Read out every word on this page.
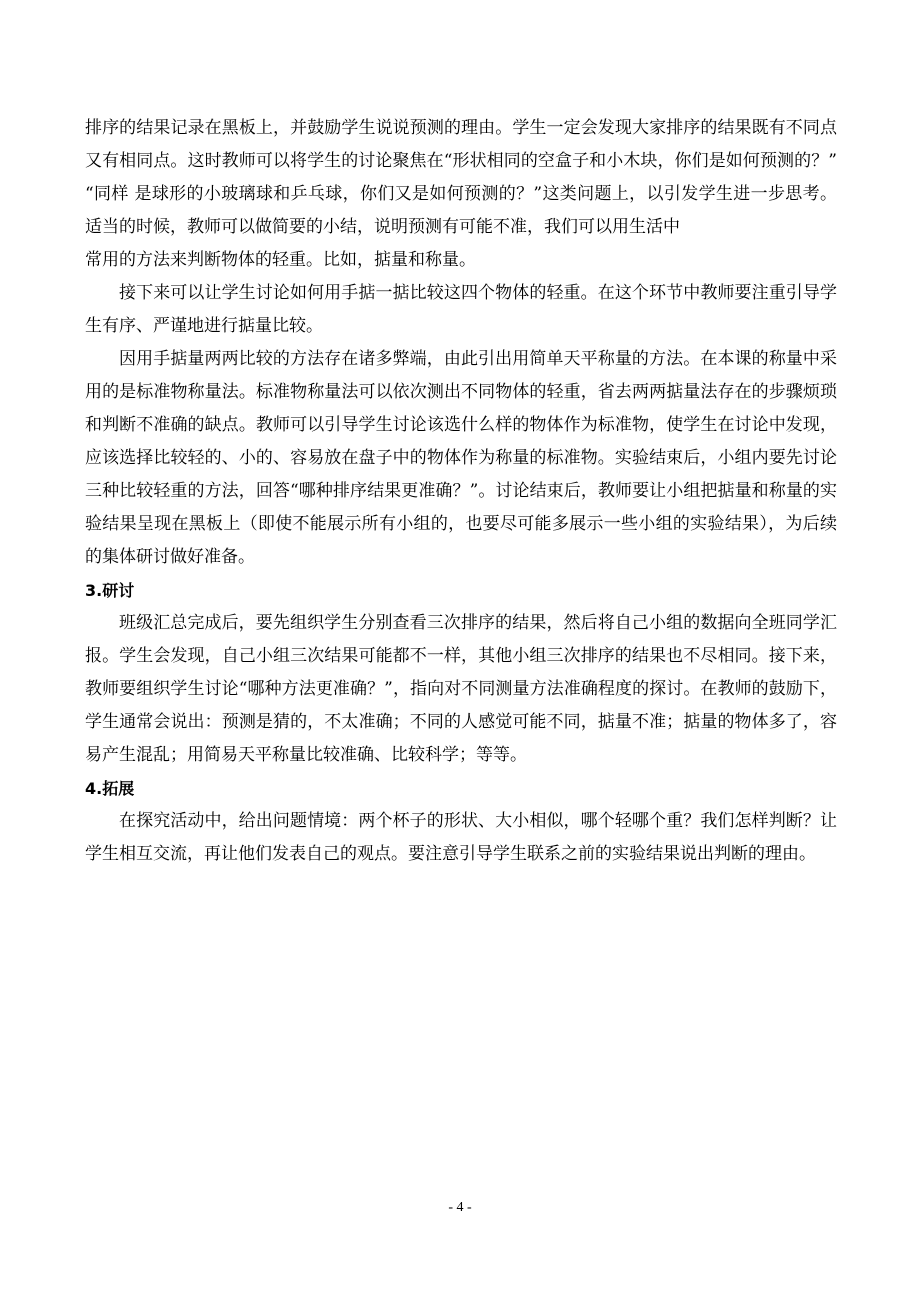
排序的结果记录在黑板上，并鼓励学生说说预测的理由。学生一定会发现大家排序的结果既有不同点又有相同点。这时教师可以将学生的讨论聚焦在“形状相同的空盒子和小木块，你们是如何预测的？” “同样 是球形的小玻璃球和乒乓球，你们又是如何预测的？”这类问题上，以引发学生进一步思考。适当的时候，教师可以做简要的小结，说明预测有可能不准，我们可以用生活中
常用的方法来判断物体的轻重。比如，掂量和称量。

接下来可以让学生讨论如何用手掂一掂比较这四个物体的轻重。在这个环节中教师要注重引导学生有序、严谨地进行掂量比较。

因用手掂量两两比较的方法存在诸多弊端，由此引出用简单天平称量的方法。在本课的称量中采用的是标准物称量法。标准物称量法可以依次测出不同物体的轻重，省去两两掂量法存在的步骤烦琐和判断不准确的缺点。教师可以引导学生讨论该选什么样的物体作为标准物，使学生在讨论中发现，应该选择比较轻的、小的、容易放在盘子中的物体作为称量的标准物。实验结束后，小组内要先讨论三种比较轻重的方法，回答“哪种排序结果更准确？”。讨论结束后，教师要让小组把掂量和称量的实验结果呈现在黑板上（即使不能展示所有小组的，也要尽可能多展示一些小组的实验结果），为后续的集体研讨做好准备。

3.研讨

班级汇总完成后，要先组织学生分别查看三次排序的结果，然后将自己小组的数据向全班同学汇报。学生会发现，自己小组三次结果可能都不一样，其他小组三次排序的结果也不尽相同。接下来，教师要组织学生讨论“哪种方法更准确？”，指向对不同测量方法准确程度的探讨。在教师的鼓励下，学生通常会说出：预测是猜的，不太准确；不同的人感觉可能不同，掂量不准；掂量的物体多了，容易产生混乱；用简易天平称量比较准确、比较科学；等等。

4.拓展

在探究活动中，给出问题情境：两个杯子的形状、大小相似，哪个轻哪个重？我们怎样判断？让学生相互交流，再让他们发表自己的观点。要注意引导学生联系之前的实验结果说出判断的理由。

- 4 -
